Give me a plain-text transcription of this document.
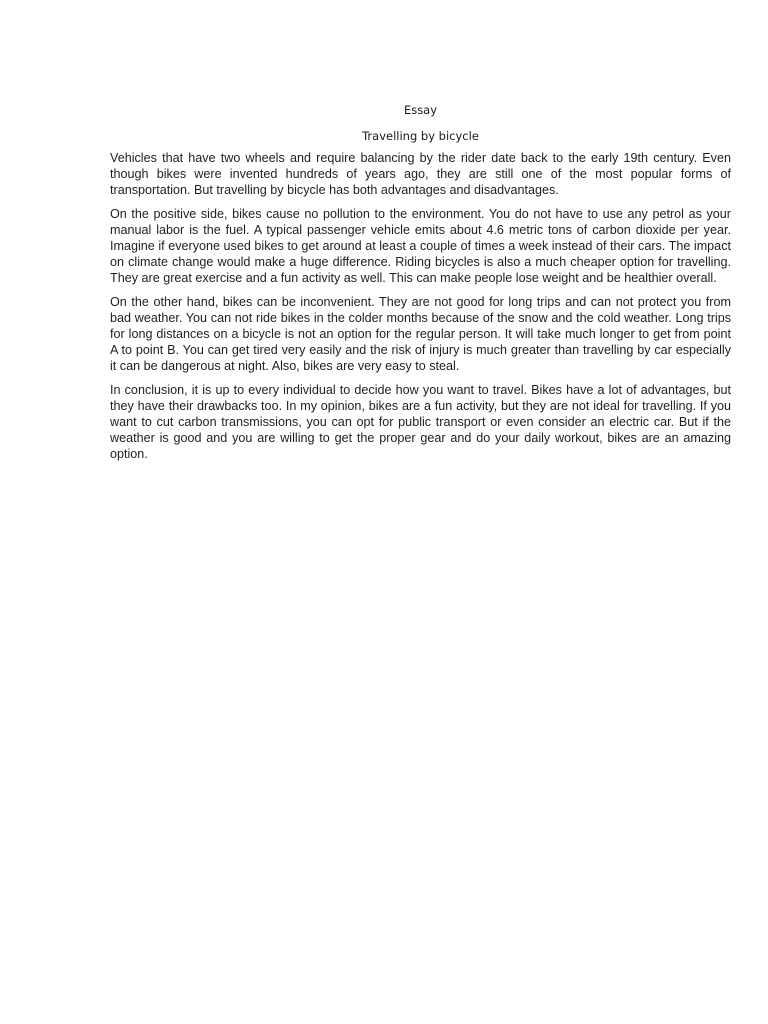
Essay

Travelling by bicycle

Vehicles that have two wheels and require balancing by the rider date back to the early 19th century. Even though bikes were invented hundreds of years ago, they are still one of the most popular forms of transportation. But travelling by bicycle has both advantages and disadvantages.

On the positive side, bikes cause no pollution to the environment. You do not have to use any petrol as your manual labor is the fuel. A typical passenger vehicle emits about 4.6 metric tons of carbon dioxide per year. Imagine if everyone used bikes to get around at least a couple of times a week instead of their cars. The impact on climate change would make a huge difference. Riding bicycles is also a much cheaper option for travelling. They are great exercise and a fun activity as well. This can make people lose weight and be healthier overall.

On the other hand, bikes can be inconvenient. They are not good for long trips and can not protect you from bad weather. You can not ride bikes in the colder months because of the snow and the cold weather. Long trips for long distances on a bicycle is not an option for the regular person. It will take much longer to get from point A to point B. You can get tired very easily and the risk of injury is much greater than travelling by car especially it can be dangerous at night. Also, bikes are very easy to steal.

In conclusion, it is up to every individual to decide how you want to travel. Bikes have a lot of advantages, but they have their drawbacks too. In my opinion, bikes are a fun activity, but they are not ideal for travelling. If you want to cut carbon transmissions, you can opt for public transport or even consider an electric car. But if the weather is good and you are willing to get the proper gear and do your daily workout, bikes are an amazing option.
